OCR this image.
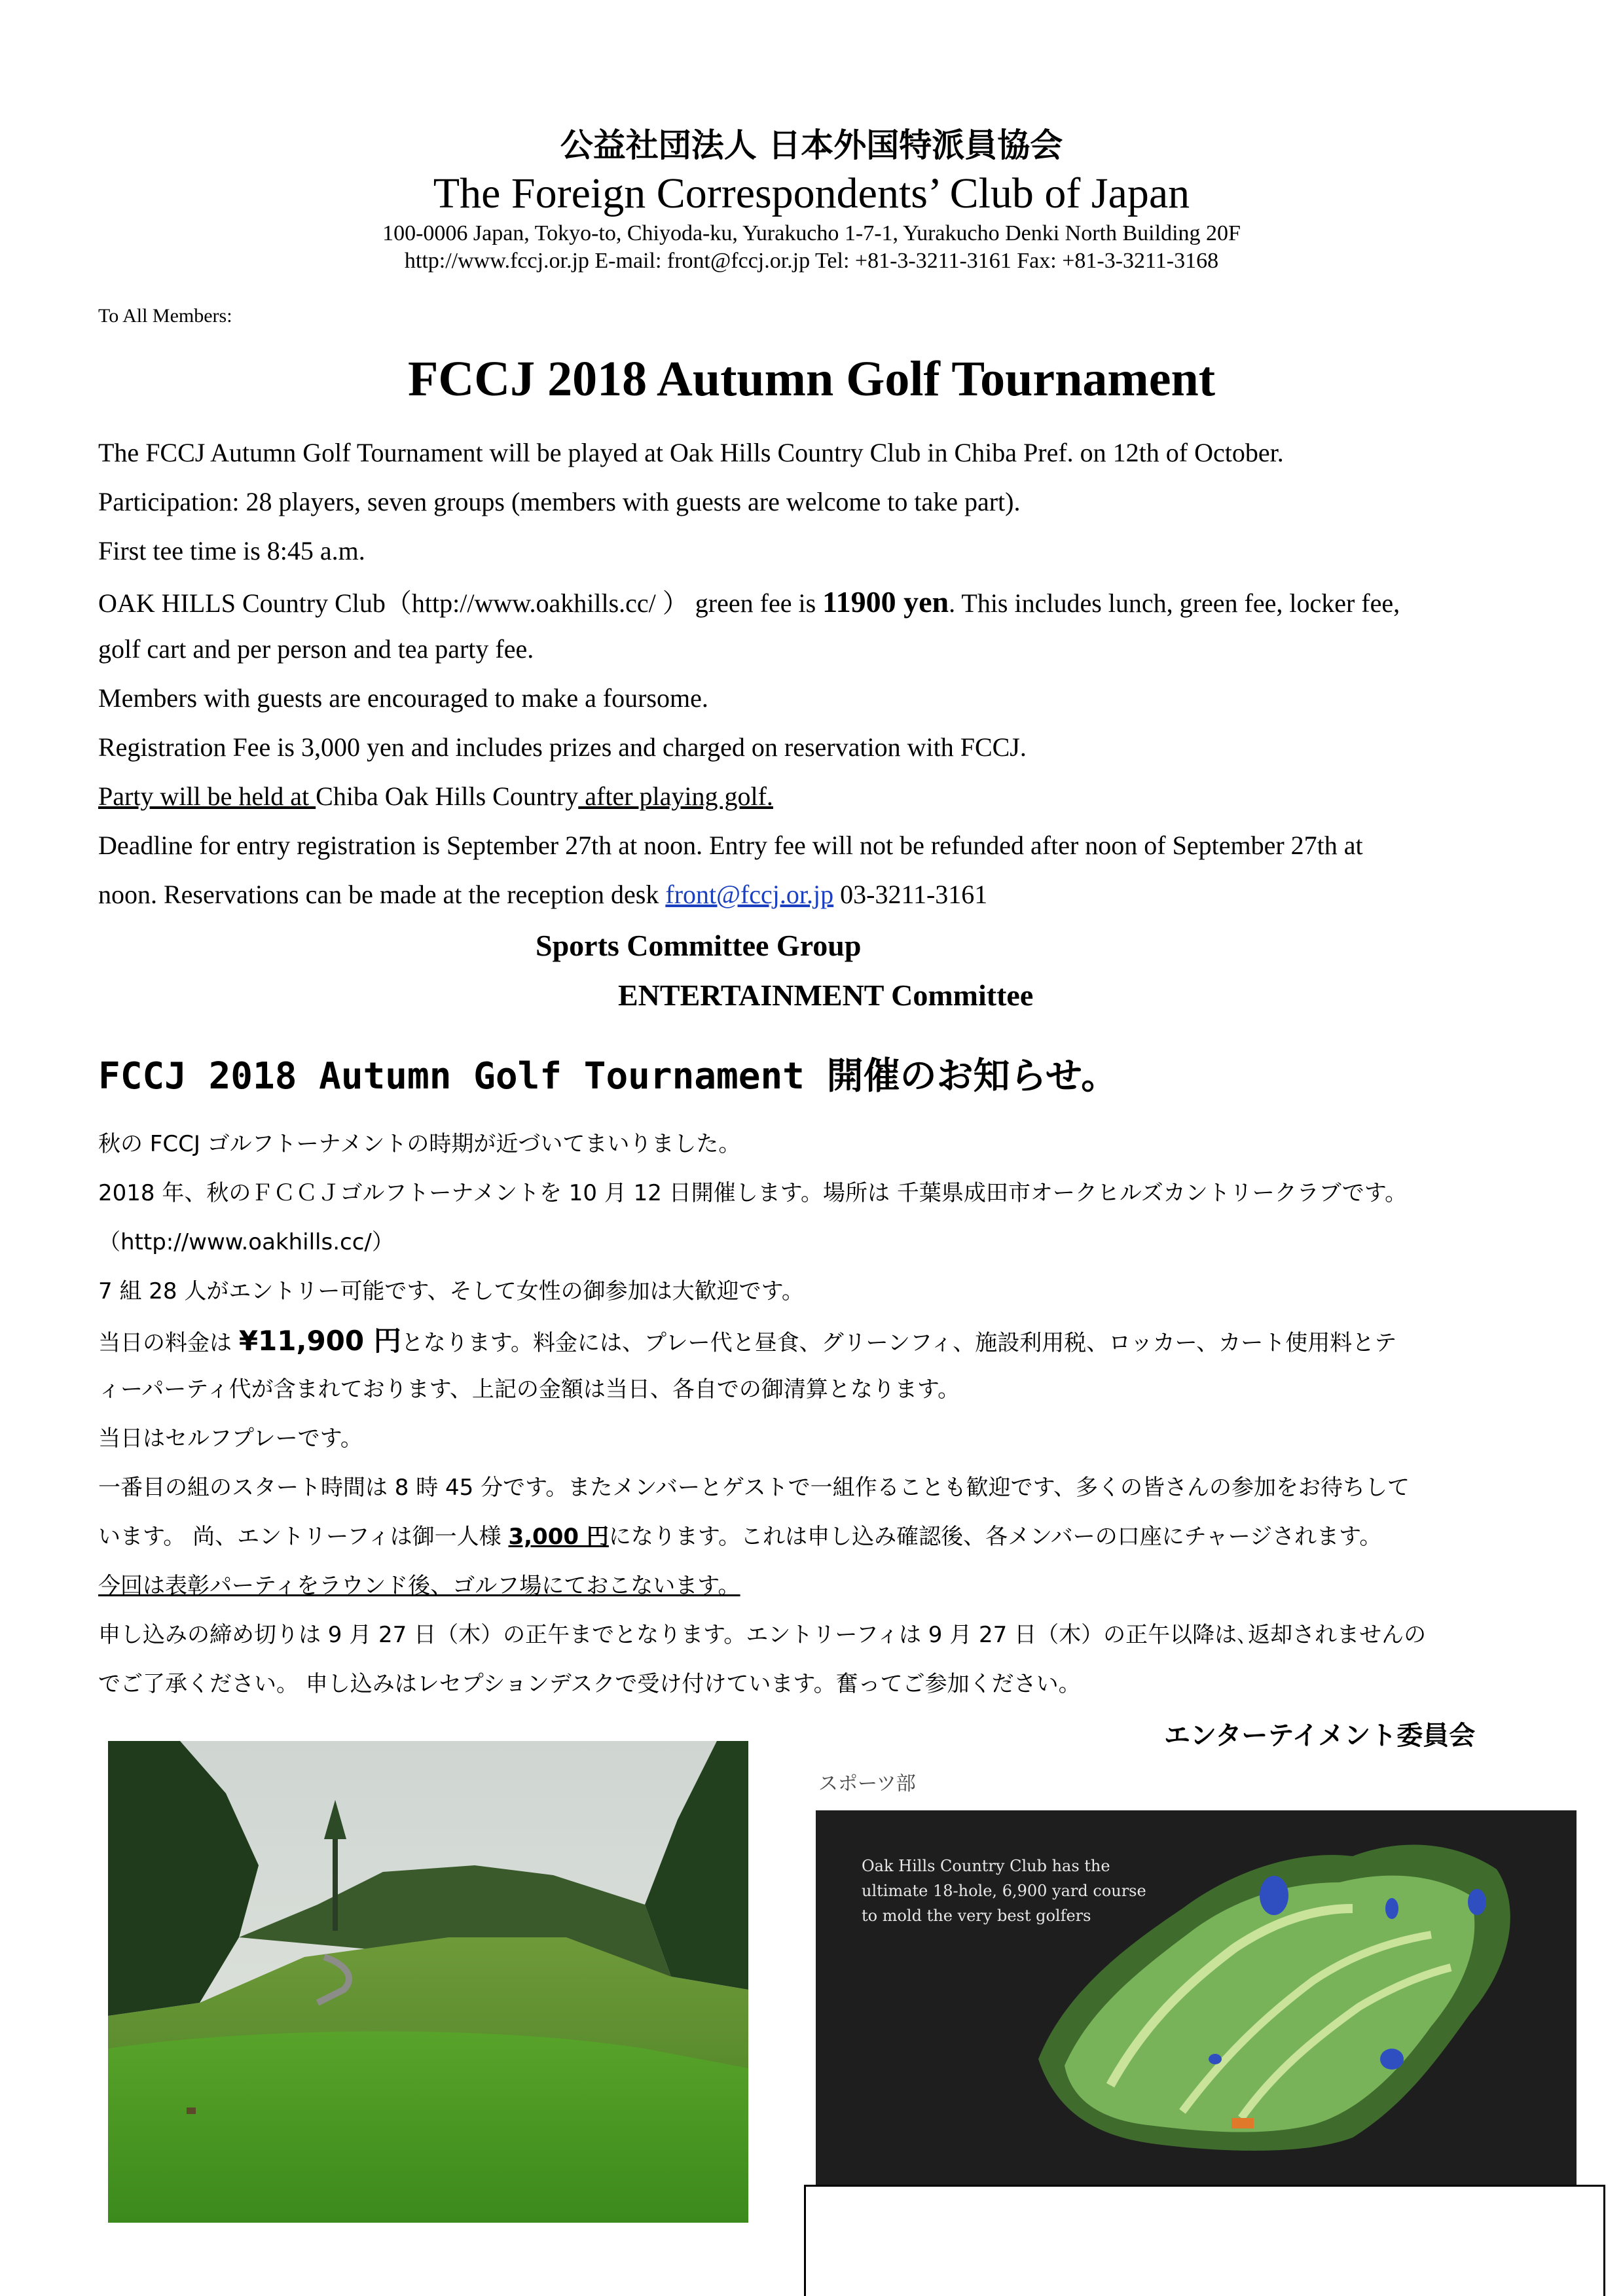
公益社団法人 日本外国特派員協会
The Foreign Correspondents’ Club of Japan
100-0006 Japan, Tokyo-to, Chiyoda-ku, Yurakucho 1-7-1, Yurakucho Denki North Building 20F
http://www.fccj.or.jp E-mail: front@fccj.or.jp Tel: +81-3-3211-3161 Fax: +81-3-3211-3168
To All Members:
FCCJ 2018 Autumn Golf Tournament
The FCCJ Autumn Golf Tournament will be played at Oak Hills Country Club in Chiba Pref. on 12th of October.
Participation: 28 players, seven groups (members with guests are welcome to take part).
First tee time is 8:45 a.m.
OAK HILLS Country Club（http://www.oakhills.cc/ ） green fee is 11900 yen. This includes lunch, green fee, locker fee,
golf cart and per person and tea party fee.
Members with guests are encouraged to make a foursome.
Registration Fee is 3,000 yen and includes prizes and charged on reservation with FCCJ.
Party will be held at Chiba Oak Hills Country after playing golf.
Deadline for entry registration is September 27th at noon. Entry fee will not be refunded after noon of September 27th at
noon. Reservations can be made at the reception desk front@fccj.or.jp 03-3211-3161
Sports Committee Group
ENTERTAINMENT Committee
FCCJ 2018 Autumn Golf Tournament 開催のお知らせ。
秋の FCCJ ゴルフトーナメントの時期が近づいてまいりました。
2018 年、秋のＦＣＣＪゴルフトーナメントを 10 月 12 日開催します。場所は 千葉県成田市オークヒルズカントリークラブです。
（http://www.oakhills.cc/）
7 組 28 人がエントリー可能です、そして女性の御参加は大歓迎です。
当日の料金は ¥11,900 円となります。料金には、プレー代と昼食、グリーンフィ、施設利用税、ロッカー、カート使用料とテ
ィーパーティ代が含まれております、上記の金額は当日、各自での御清算となります。
当日はセルフプレーです。
一番目の組のスタート時間は 8 時 45 分です。またメンバーとゲストで一組作ることも歓迎です、多くの皆さんの参加をお待ちして
います。 尚、エントリーフィは御一人様 3,000 円になります。これは申し込み確認後、各メンバーの口座にチャージされます。
今回は表彰パーティをラウンド後、ゴルフ場にておこないます。
申し込みの締め切りは 9 月 27 日（木）の正午までとなります。エントリーフィは 9 月 27 日（木）の正午以降は､返却されませんの
でご了承ください。 申し込みはレセプションデスクで受け付けています。奮ってご参加ください。
エンターテイメント委員会
スポーツ部
Oak Hills Country Club has the
ultimate 18-hole, 6,900 yard course
to mold the very best golfers
